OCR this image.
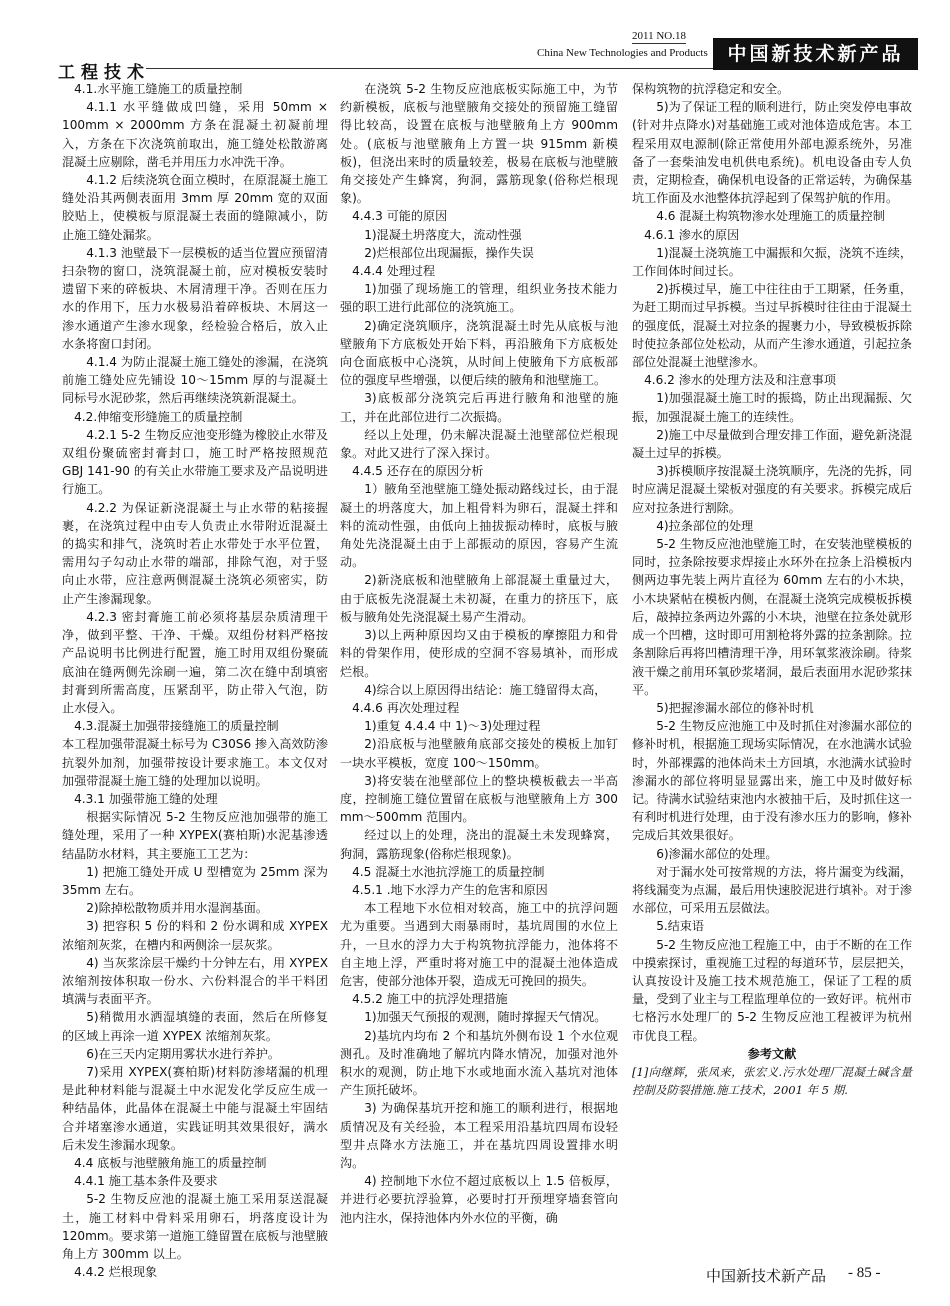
工程技术
2011 NO.18
China New Technologies and Products	中国新技术新产品

4.1.水平施工缝施工的质量控制

4.1.1 水平缝做成凹缝，采用 50mm × 100mm × 2000mm 方条在混凝土初凝前埋入，方条在下次浇筑前取出，施工缝处松散游离混凝土应剔除，凿毛并用压力水冲洗干净。

4.1.2 后续浇筑仓面立模时，在原混凝土施工缝处沿其两侧表面用 3mm 厚 20mm 宽的双面胶贴上，使模板与原混凝土表面的缝隙减小，防止施工缝处漏浆。

4.1.3 池壁最下一层模板的适当位置应预留清扫杂物的窗口，浇筑混凝土前，应对模板安装时遗留下来的碎板块、木屑清理干净。否则在压力水的作用下，压力水极易沿着碎板块、木屑这一渗水通道产生渗水现象，经检验合格后，放入止水条将窗口封闭。

4.1.4 为防止混凝土施工缝处的渗漏，在浇筑前施工缝处应先铺设 10～15mm 厚的与混凝土同标号水泥砂浆，然后再继续浇筑新混凝土。

4.2.伸缩变形缝施工的质量控制

4.2.1 5-2 生物反应池变形缝为橡胶止水带及双组份聚硫密封膏封口，施工时严格按照规范 GBJ 141-90 的有关止水带施工要求及产品说明进行施工。

4.2.2 为保证新浇混凝土与止水带的粘接握裹，在浇筑过程中由专人负责止水带附近混凝土的捣实和排气，浇筑时若止水带处于水平位置，需用勾子勾动止水带的端部，排除气泡，对于竖向止水带，应注意两侧混凝土浇筑必须密实，防止产生渗漏现象。

4.2.3 密封膏施工前必须将基层杂质清理干净，做到平整、干净、干燥。双组份材料严格按产品说明书比例进行配置，施工时用双组份聚硫底油在缝两侧先涂刷一遍，第二次在缝中刮填密封膏到所需高度，压紧刮平，防止带入气泡，防止水侵入。

4.3.混凝土加强带接缝施工的质量控制

本工程加强带混凝土标号为 C30S6 掺入高效防渗抗裂外加剂，加强带按设计要求施工。本文仅对加强带混凝土施工缝的处理加以说明。

4.3.1 加强带施工缝的处理

根据实际情况 5-2 生物反应池加强带的施工缝处理，采用了一种 XYPEX(赛柏斯)水泥基渗透结晶防水材料，其主要施工工艺为：

1) 把施工缝处开成 U 型槽宽为 25mm 深为 35mm 左右。

2)除掉松散物质并用水湿润基面。

3) 把容积 5 份的料和 2 份水调和成 XYPEX 浓缩剂灰浆，在槽内和两侧涂一层灰浆。

4) 当灰浆涂层干燥约十分钟左右，用 XYPEX 浓缩剂按体积取一份水、六份料混合的半干料团填满与表面平齐。

5)稍微用水洒湿填缝的表面，然后在所修复的区域上再涂一道 XYPEX 浓缩剂灰浆。

6)在三天内定期用雾状水进行养护。

7)采用 XYPEX(赛柏斯)材料防渗堵漏的机理是此种材料能与混凝土中水泥发化学反应生成一种结晶体，此晶体在混凝土中能与混凝土牢固结合并堵塞渗水通道，实践证明其效果很好，满水后未发生渗漏水现象。

4.4 底板与池壁腋角施工的质量控制

4.4.1 施工基本条件及要求

5-2 生物反应池的混凝土施工采用泵送混凝土，施工材料中骨料采用卵石，坍落度设计为 120mm。要求第一道施工缝留置在底板与池壁腋角上方 300mm 以上。

4.4.2 烂根现象

在浇筑 5-2 生物反应池底板实际施工中，为节约新模板，底板与池壁腋角交接处的预留施工缝留得比较高，设置在底板与池壁腋角上方 900mm 处。(底板与池壁腋角上方置一块 915mm 新模板)，但浇出来时的质量较差，极易在底板与池壁腋角交接处产生蜂窝，狗洞，露筋现象(俗称烂根现象)。

4.4.3 可能的原因

1)混凝土坍落度大，流动性强

2)烂根部位出现漏振，操作失误

4.4.4 处理过程

1)加强了现场施工的管理，组织业务技术能力强的职工进行此部位的浇筑施工。

2)确定浇筑顺序，浇筑混凝土时先从底板与池壁腋角下方底板处开始下料，再沿腋角下方底板处向仓面底板中心浇筑，从时间上使腋角下方底板部位的强度早些增强，以便后续的腋角和池壁施工。

3)底板部分浇筑完后再进行腋角和池壁的施工，并在此部位进行二次振捣。

经以上处理，仍未解决混凝土池壁部位烂根现象。对此又进行了深入探讨。

4.4.5 还存在的原因分析

1）腋角至池壁施工缝处振动路线过长，由于混凝土的坍落度大，加上粗骨料为卵石，混凝土拌和料的流动性强，由低向上抽拔振动棒时，底板与腋角处先浇混凝土由于上部振动的原因，容易产生流动。

2)新浇底板和池壁腋角上部混凝土重量过大，由于底板先浇混凝土未初凝，在重力的挤压下，底板与腋角处先浇混凝土易产生滑动。

3)以上两种原因均又由于模板的摩擦阻力和骨料的骨架作用，使形成的空洞不容易填补，而形成烂根。

4)综合以上原因得出结论：施工缝留得太高，

4.4.6 再次处理过程

1)重复 4.4.4 中 1)～3)处理过程

2)沿底板与池壁腋角底部交接处的模板上加钉一块水平模板，宽度 100～150mm。

3)将安装在池壁部位上的整块模板截去一半高度，控制施工缝位置留在底板与池壁腋角上方 300 mm～500mm 范围内。

经过以上的处理，浇出的混凝土未发现蜂窝，狗洞，露筋现象(俗称烂根现象)。

4.5 混凝土水池抗浮施工的质量控制

4.5.1 .地下水浮力产生的危害和原因

本工程地下水位相对较高，施工中的抗浮问题尤为重要。当遇到大雨暴雨时，基坑周围的水位上升，一旦水的浮力大于构筑物抗浮能力，池体将不自主地上浮，严重时将对施工中的混凝土池体造成危害，使部分池体开裂，造成无可挽回的损失。

4.5.2 施工中的抗浮处理措施

1)加强天气预报的观测，随时撑握天气情况。

2)基坑内均布 2 个和基坑外侧布设 1 个水位观测孔。及时准确地了解坑内降水情况，加强对池外积水的观测，防止地下水或地面水流入基坑对池体产生顶托破坏。

3) 为确保基坑开挖和施工的顺利进行，根据地质情况及有关经验，本工程采用沿基坑四周布设轻型井点降水方法施工，并在基坑四周设置排水明沟。

4) 控制地下水位不超过底板以上 1.5 倍板厚，并进行必要抗浮验算，必要时打开预埋穿墙套管向池内注水，保持池体内外水位的平衡，确

保构筑物的抗浮稳定和安全。

5)为了保证工程的顺利进行，防止突发停电事故(针对井点降水)对基础施工或对池体造成危害。本工程采用双电源制(除正常使用外部电源系统外，另准备了一套柴油发电机供电系统)。机电设备由专人负责，定期检查，确保机电设备的正常运转，为确保基坑工作面及水池整体抗浮起到了保驾护航的作用。

4.6 混凝土构筑物渗水处理施工的质量控制

4.6.1 渗水的原因

1)混凝土浇筑施工中漏振和欠振，浇筑不连续，工作间体时间过长。

2)拆模过早，施工中往往由于工期紧，任务重，为赶工期而过早拆模。当过早拆模时往往由于混凝土的强度低，混凝土对拉条的握裹力小，导致模板拆除时使拉条部位处松动，从而产生渗水通道，引起拉条部位处混凝土池壁渗水。

4.6.2 渗水的处理方法及和注意事项

1)加强混凝土施工时的振捣，防止出现漏振、欠振，加强混凝土施工的连续性。

2)施工中尽量做到合理安排工作面，避免新浇混凝土过早的拆模。

3)拆模顺序按混凝土浇筑顺序，先浇的先拆，同时应满足混凝土梁板对强度的有关要求。拆模完成后应对拉条进行割除。

4)拉条部位的处理

5-2 生物反应池池壁施工时，在安装池壁模板的同时，拉条除按要求焊接止水环外在拉条上沿模板内侧两边事先装上两片直径为 60mm 左右的小木块，小木块紧帖在模板内侧，在混凝土浇筑完成模板拆模后，敲掉拉条两边外露的小木块，池壁在拉条处就形成一个凹槽，这时即可用割枪将外露的拉条割除。拉条割除后再将凹槽清理干净，用环氧浆液涂刷。待浆液干燥之前用环氧砂浆堵洞，最后表面用水泥砂浆抹平。

5)把握渗漏水部位的修补时机

5-2 生物反应池施工中及时抓住对渗漏水部位的修补时机，根据施工现场实际情况，在水池满水试验时，外部裸露的池体尚未土方回填，水池满水试验时渗漏水的部位将明显显露出来，施工中及时做好标记。待满水试验结束池内水被抽干后，及时抓住这一有利时机进行处理，由于没有渗水压力的影响，修补完成后其效果很好。

6)渗漏水部位的处理。

对于漏水处可按常规的方法，将片漏变为线漏，将线漏变为点漏，最后用快速胶泥进行填补。对于渗水部位，可采用五层做法。

5.结束语

5-2 生物反应池工程施工中，由于不断的在工作中摸索探讨，重视施工过程的每道环节，层层把关，认真按设计及施工技术规范施工，保证了工程的质量，受到了业主与工程监理单位的一致好评。杭州市七格污水处理厂的 5-2 生物反应池工程被评为杭州市优良工程。

参考文献

[1]向继辉，张凤来，张宏义.污水处理厂混凝土碱含量控制及防裂措施.施工技术，2001 年 5 期.

中国新技术新产品 - 85 -
